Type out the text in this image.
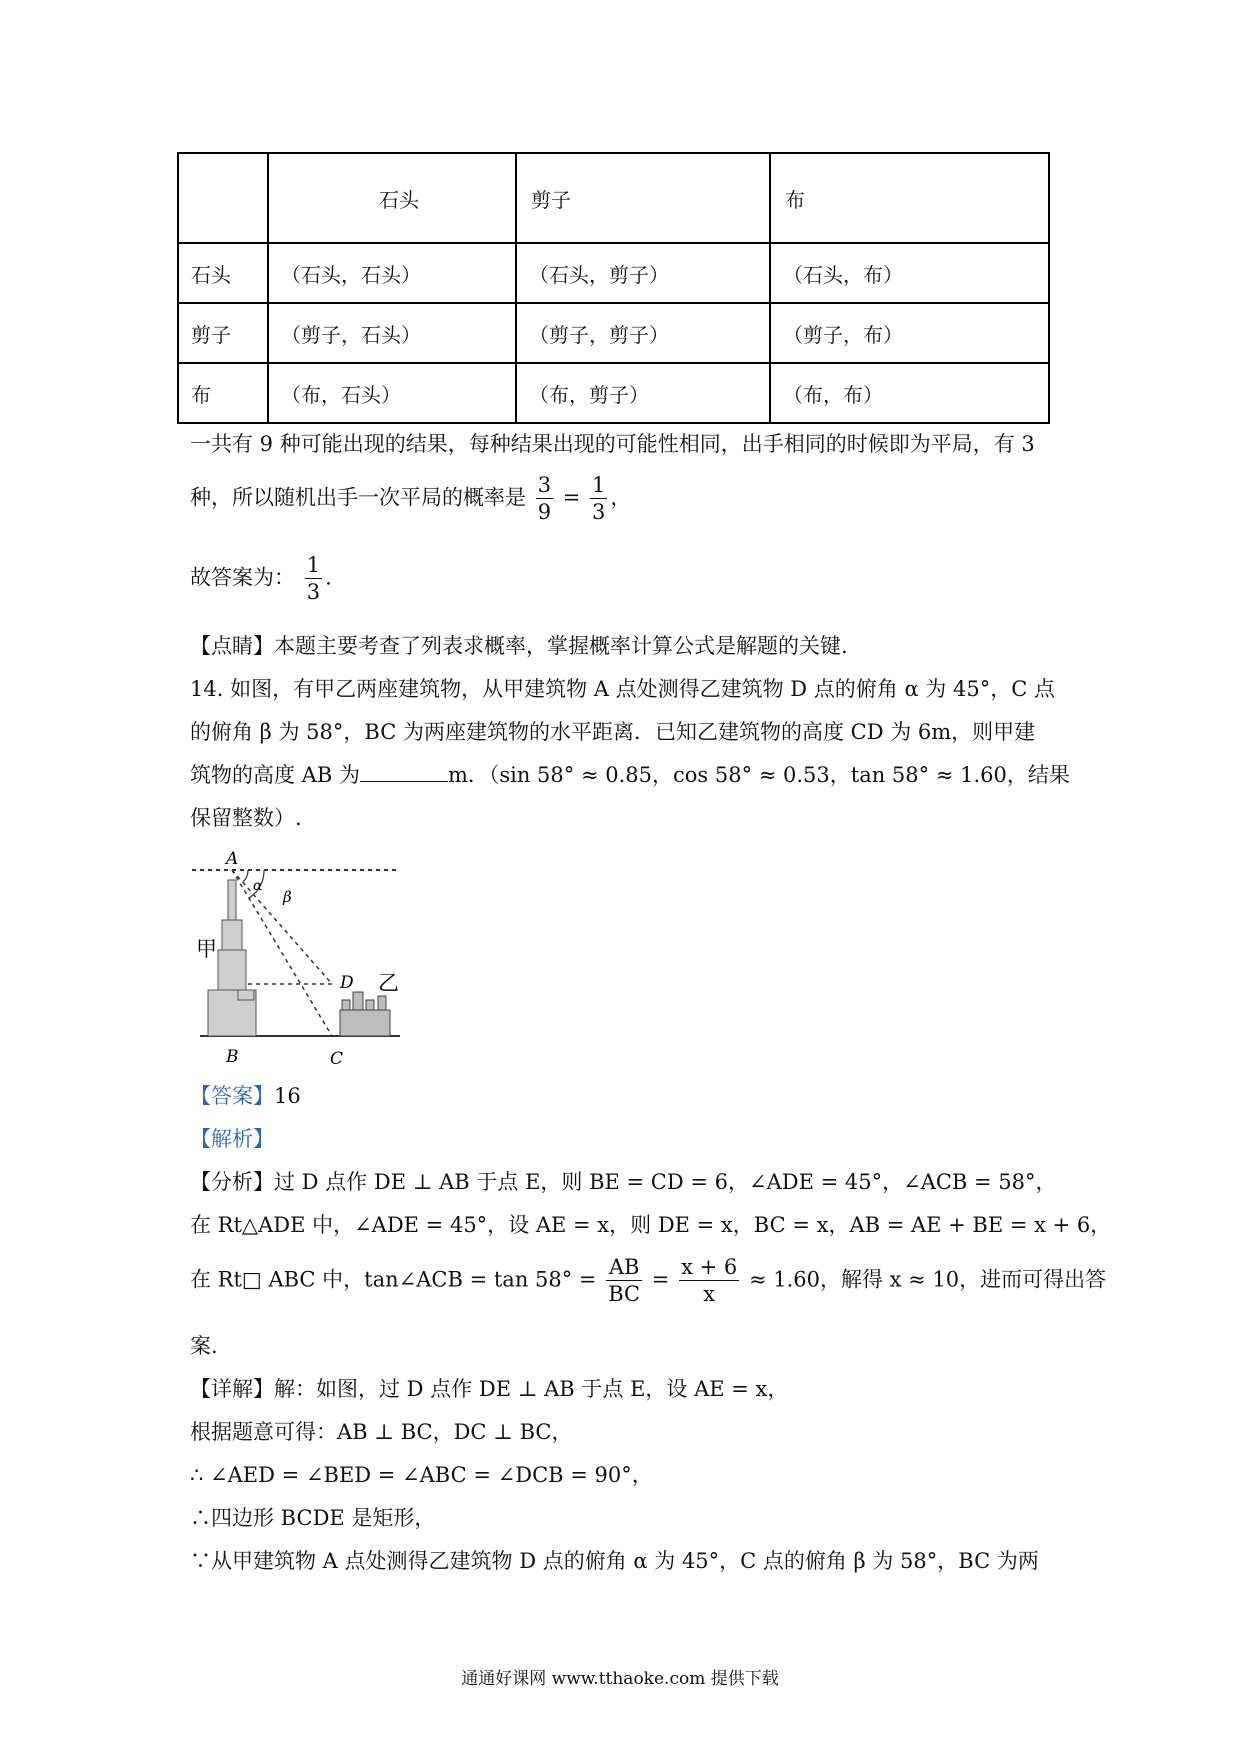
	石头	剪子	布
石头	（石头，石头）	（石头，剪子）	（石头，布）
剪子	（剪子，石头）	（剪子，剪子）	（剪子，布）
布	（布，石头）	（布，剪子）	（布，布）
一共有 9 种可能出现的结果，每种结果出现的可能性相同，出手相同的时候即为平局，有 3
种，所以随机出手一次平局的概率是 $\frac{3}{9} = \frac{1}{3}$ ，
故答案为： $\frac{1}{3}$ .
【点睛】本题主要考查了列表求概率，掌握概率计算公式是解题的关键.
14. 如图，有甲乙两座建筑物，从甲建筑物 A 点处测得乙建筑物 D 点的俯角 α 为 45°，C 点
的俯角 β 为 58°，BC 为两座建筑物的水平距离．已知乙建筑物的高度 CD 为 6m，则甲建
筑物的高度 AB 为	m．（sin 58° ≈ 0.85，cos 58° ≈ 0.53，tan 58° ≈ 1.60，结果
保留整数）.
A
α
β
甲
D 乙
B	C
【答案】16
【解析】
【分析】过 D 点作 DE ⊥ AB 于点 E，则 BE = CD = 6，∠ADE = 45°，∠ACB = 58°，
在 Rt△ADE 中，∠ADE = 45°，设 AE = x，则 DE = x，BC = x，AB = AE + BE = x + 6，
在 Rt□ ABC 中，tan∠ACB = $\tan 58^\circ = \frac{AB}{BC} = \frac{x + 6}{x} \approx 1.60$，解得 x ≈ 10，进而可得出答
案.
【详解】解：如图，过 D 点作 DE ⊥ AB 于点 E，设 AE = x，
根据题意可得：AB ⊥ BC，DC ⊥ BC，
∴ ∠AED = ∠BED = ∠ABC = ∠DCB = 90°，
∴四边形 BCDE 是矩形，
∵从甲建筑物 A 点处测得乙建筑物 D 点的俯角 α 为 45°，C 点的俯角 β 为 58°，BC 为两
通通好课网 www.tthaoke.com 提供下载
